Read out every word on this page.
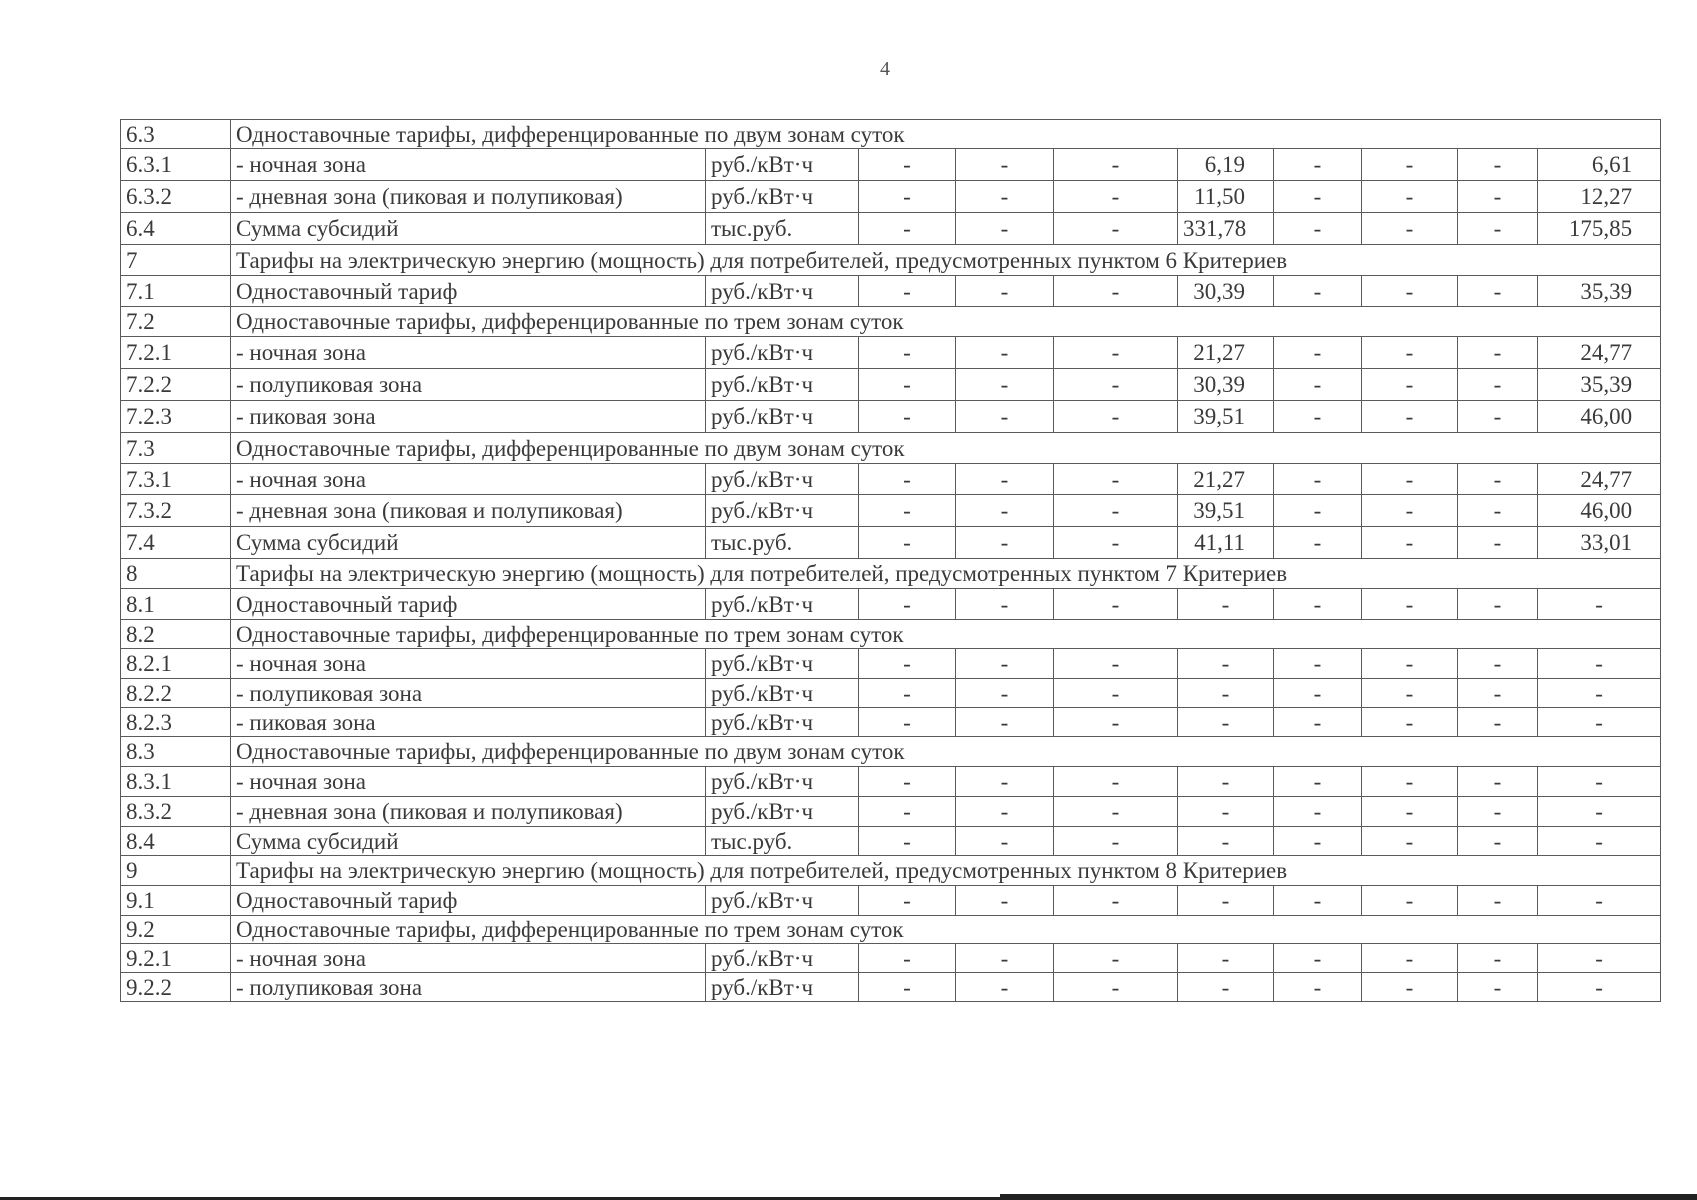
4
6.3	Одноставочные тарифы, дифференцированные по двум зонам суток									
6.3.1	- ночная зона	руб./кВт·ч	-	-	-	6,19	-	-	-	6,61
6.3.2	- дневная зона (пиковая и полупиковая)	руб./кВт·ч	-	-	-	11,50	-	-	-	12,27
6.4	Сумма субсидий	тыс.руб.	-	-	-	331,78	-	-	-	175,85
7	Тарифы на электрическую энергию (мощность) для потребителей, предусмотренных пунктом 6 Критериев									
7.1	Одноставочный тариф	руб./кВт·ч	-	-	-	30,39	-	-	-	35,39
7.2	Одноставочные тарифы, дифференцированные по трем зонам суток									
7.2.1	- ночная зона	руб./кВт·ч	-	-	-	21,27	-	-	-	24,77
7.2.2	- полупиковая зона	руб./кВт·ч	-	-	-	30,39	-	-	-	35,39
7.2.3	- пиковая зона	руб./кВт·ч	-	-	-	39,51	-	-	-	46,00
7.3	Одноставочные тарифы, дифференцированные по двум зонам суток									
7.3.1	- ночная зона	руб./кВт·ч	-	-	-	21,27	-	-	-	24,77
7.3.2	- дневная зона (пиковая и полупиковая)	руб./кВт·ч	-	-	-	39,51	-	-	-	46,00
7.4	Сумма субсидий	тыс.руб.	-	-	-	41,11	-	-	-	33,01
8	Тарифы на электрическую энергию (мощность) для потребителей, предусмотренных пунктом 7 Критериев									
8.1	Одноставочный тариф	руб./кВт·ч	-	-	-	-	-	-	-	-
8.2	Одноставочные тарифы, дифференцированные по трем зонам суток									
8.2.1	- ночная зона	руб./кВт·ч	-	-	-	-	-	-	-	-
8.2.2	- полупиковая зона	руб./кВт·ч	-	-	-	-	-	-	-	-
8.2.3	- пиковая зона	руб./кВт·ч	-	-	-	-	-	-	-	-
8.3	Одноставочные тарифы, дифференцированные по двум зонам суток									
8.3.1	- ночная зона	руб./кВт·ч	-	-	-	-	-	-	-	-
8.3.2	- дневная зона (пиковая и полупиковая)	руб./кВт·ч	-	-	-	-	-	-	-	-
8.4	Сумма субсидий	тыс.руб.	-	-	-	-	-	-	-	-
9	Тарифы на электрическую энергию (мощность) для потребителей, предусмотренных пунктом 8 Критериев									
9.1	Одноставочный тариф	руб./кВт·ч	-	-	-	-	-	-	-	-
9.2	Одноставочные тарифы, дифференцированные по трем зонам суток									
9.2.1	- ночная зона	руб./кВт·ч	-	-	-	-	-	-	-	-
9.2.2	- полупиковая зона	руб./кВт·ч	-	-	-	-	-	-	-	-
